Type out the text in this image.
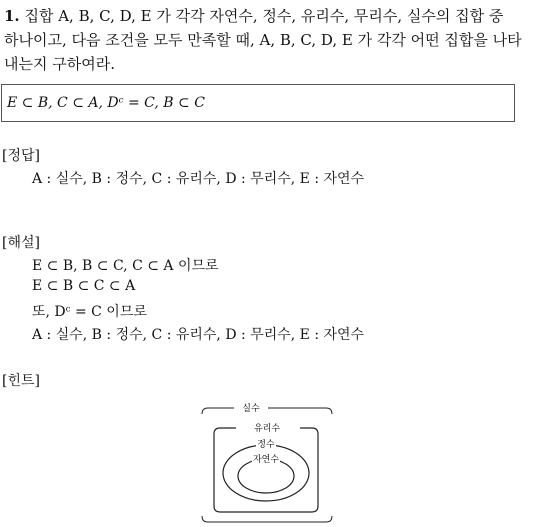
1. 집합 A, B, C, D, E 가 각각 자연수, 정수, 유리수, 무리수, 실수의 집합 중
하나이고, 다음 조건을 모두 만족할 때, A, B, C, D, E 가 각각 어떤 집합을 나타
내는지 구하여라.
E ⊂ B, C ⊂ A, Dᶜ = C, B ⊂ C
[정답]
A : 실수, B : 정수, C : 유리수, D : 무리수, E : 자연수
[해설]
E ⊂ B, B ⊂ C, C ⊂ A 이므로
E ⊂ B ⊂ C ⊂ A
또, Dᶜ = C 이므로
A : 실수, B : 정수, C : 유리수, D : 무리수, E : 자연수
[힌트]
실수
유리수
정수
자연수
